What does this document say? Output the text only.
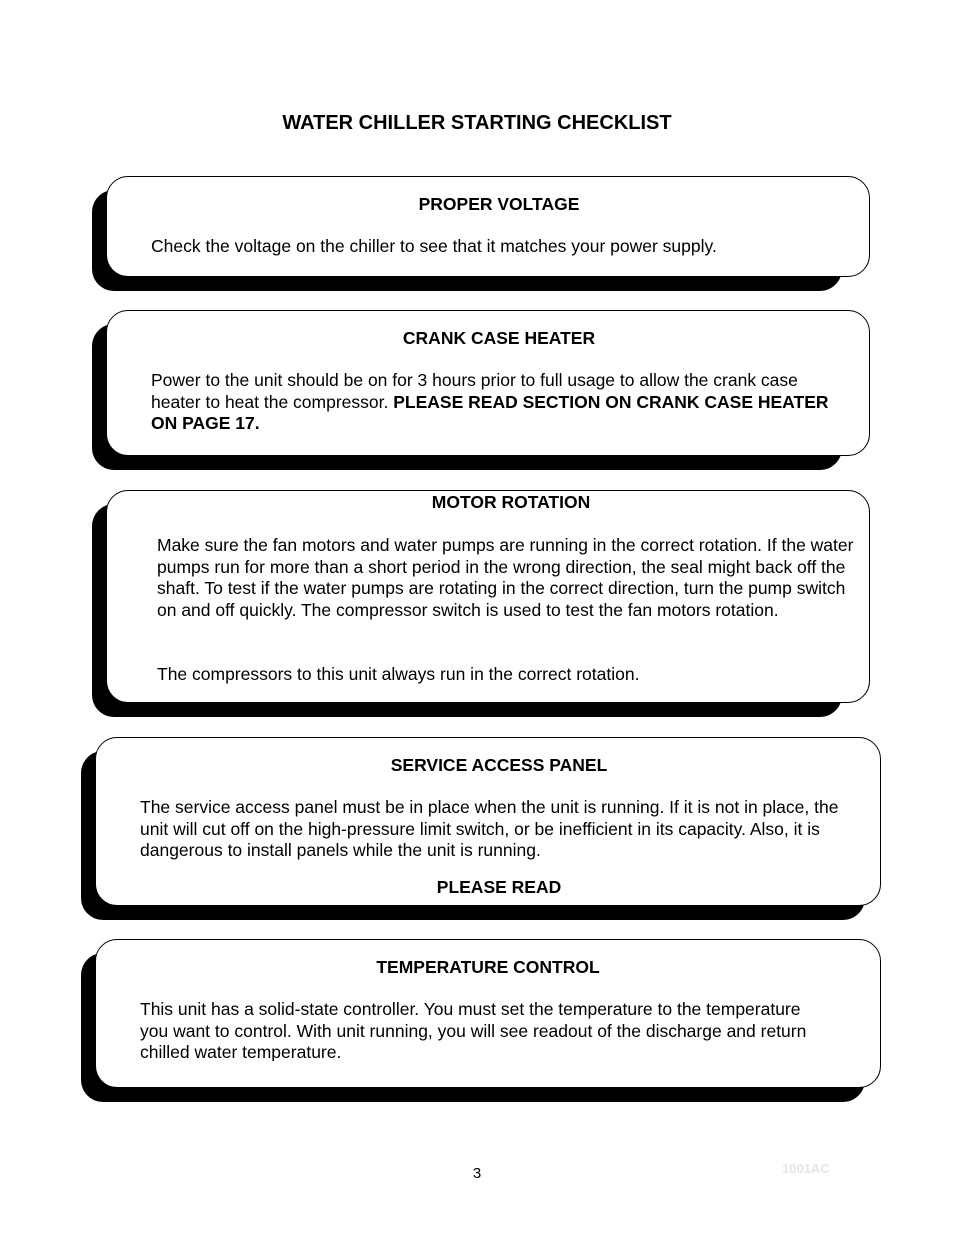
WATER CHILLER STARTING CHECKLIST

PROPER VOLTAGE

Check the voltage on the chiller to see that it matches your power supply.

CRANK CASE HEATER

Power to the unit should be on for 3 hours prior to full usage to allow the crank case heater to heat the compressor. PLEASE READ SECTION ON CRANK CASE HEATER ON PAGE 17.

MOTOR ROTATION

Make sure the fan motors and water pumps are running in the correct rotation. If the water pumps run for more than a short period in the wrong direction, the seal might back off the shaft. To test if the water pumps are rotating in the correct direction, turn the pump switch on and off quickly. The compressor switch is used to test the fan motors rotation.

The compressors to this unit always run in the correct rotation.

SERVICE ACCESS PANEL

The service access panel must be in place when the unit is running. If it is not in place, the unit will cut off on the high-pressure limit switch, or be inefficient in its capacity. Also, it is dangerous to install panels while the unit is running.

PLEASE READ

TEMPERATURE CONTROL

This unit has a solid-state controller. You must set the temperature to the temperature you want to control. With unit running, you will see readout of the discharge and return chilled water temperature.

3	1001AC
